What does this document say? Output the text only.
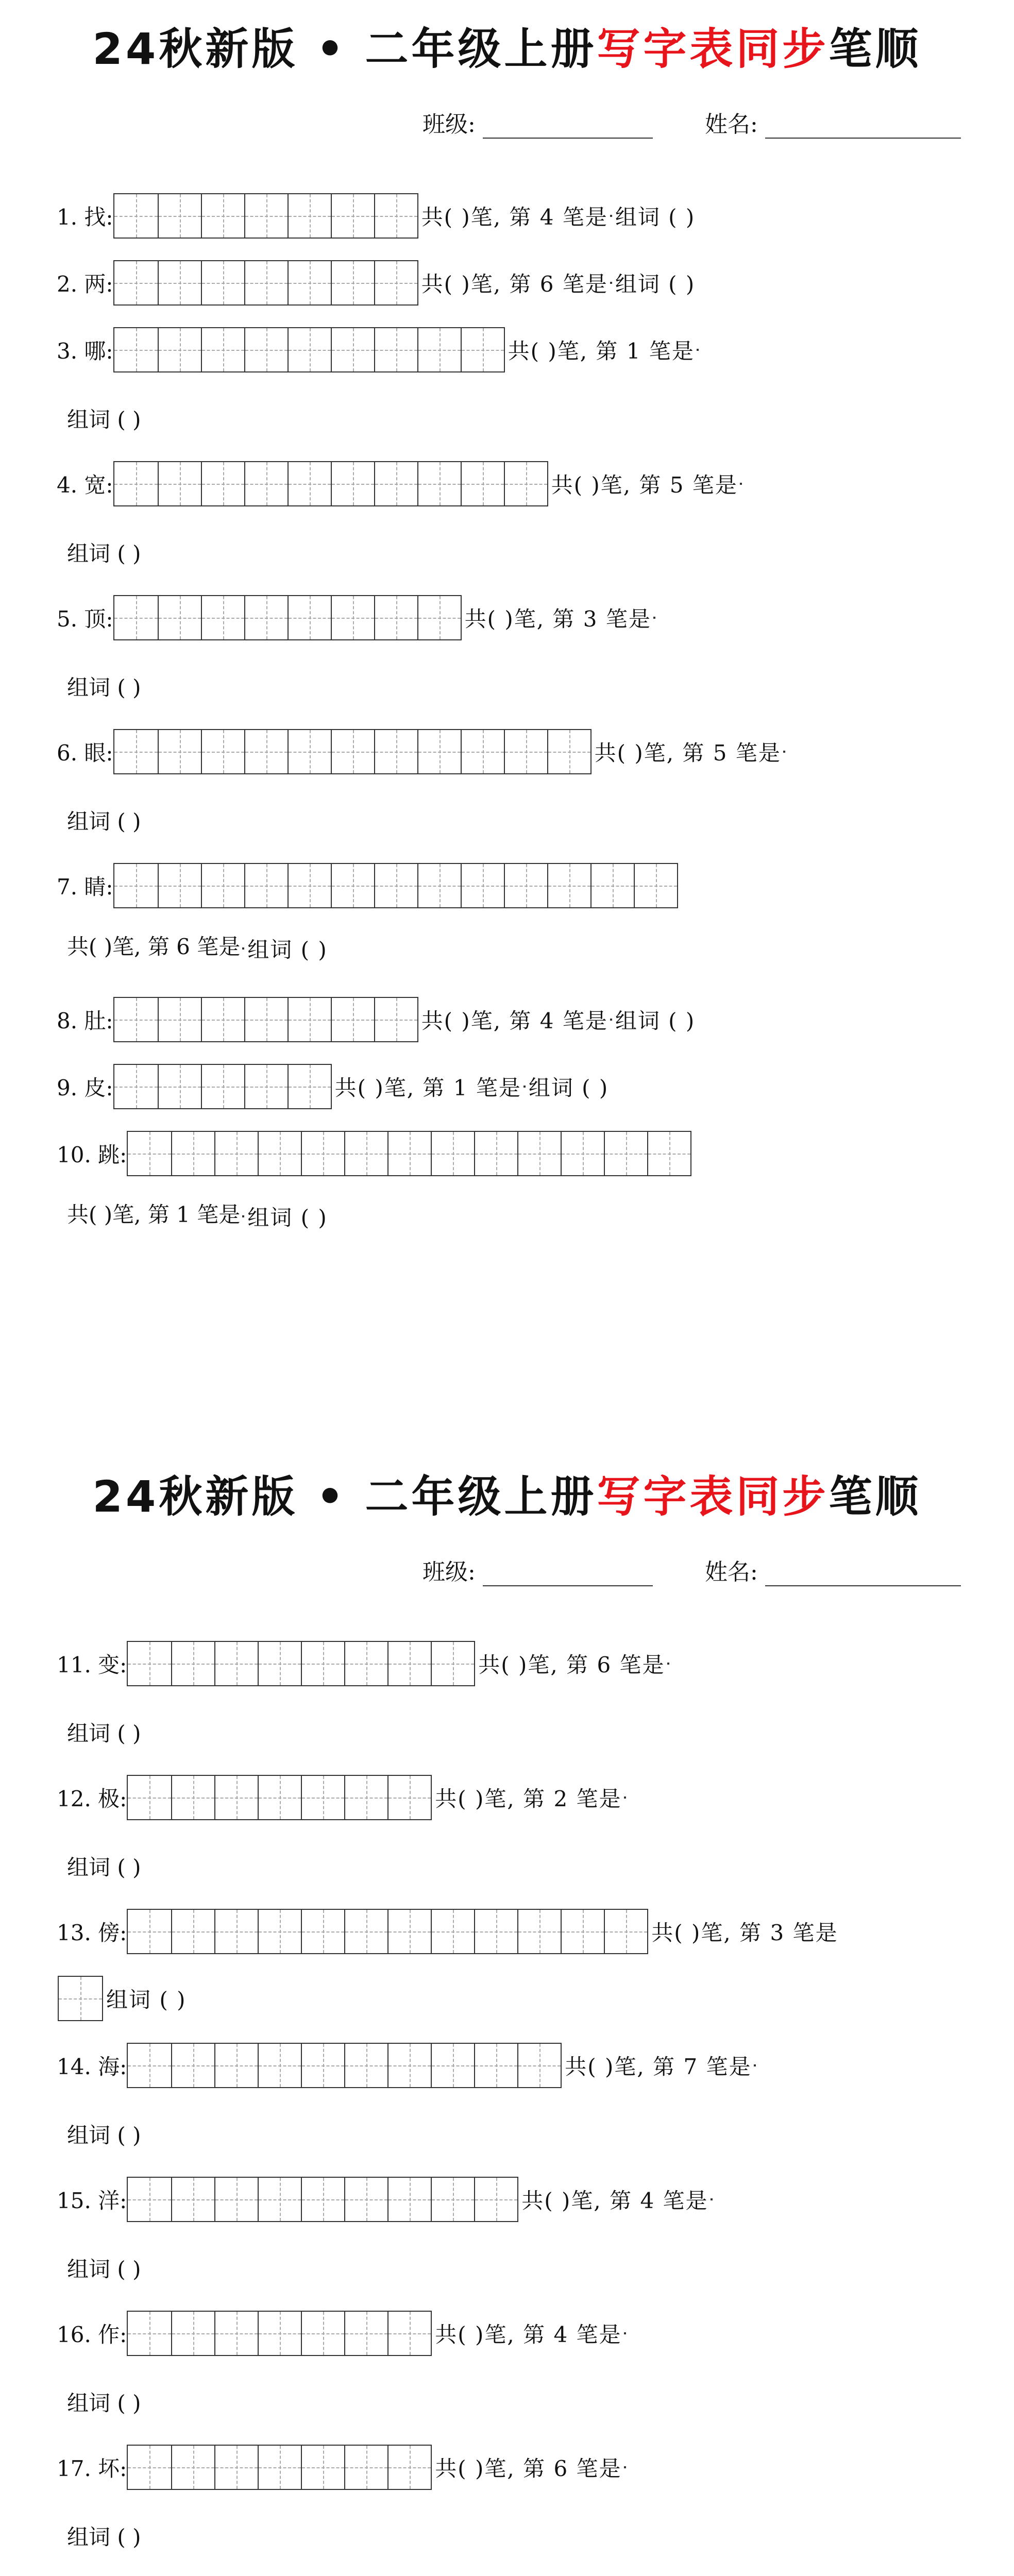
24秋新版 • 二年级上册写字表同步笔顺
班级:	姓名:
1. 找:	共( )笔, 第 4 笔是 组词 ( )
2. 两:	共( )笔, 第 6 笔是 组词 ( )
3. 哪:	共( )笔, 第 1 笔是
组词 ( )
4. 宽:	共( )笔, 第 5 笔是
组词 ( )
5. 顶:	共( )笔, 第 3 笔是
组词 ( )
6. 眼:	共( )笔, 第 5 笔是
组词 ( )
7. 睛:
共( )笔, 第 6 笔是 组词 ( )
8. 肚:	共( )笔, 第 4 笔是 组词 ( )
9. 皮:	共( )笔, 第 1 笔是 组词 ( )
10. 跳:
共( )笔, 第 1 笔是 组词 ( )
24秋新版 • 二年级上册写字表同步笔顺
班级:	姓名:
11. 变:	共( )笔, 第 6 笔是
组词 ( )
12. 极:	共( )笔, 第 2 笔是
组词 ( )
13. 傍:	共( )笔, 第 3 笔是
组词 ( )
14. 海:	共( )笔, 第 7 笔是
组词 ( )
15. 洋:	共( )笔, 第 4 笔是
组词 ( )
16. 作:	共( )笔, 第 4 笔是
组词 ( )
17. 坏:	共( )笔, 第 6 笔是
组词 ( )
